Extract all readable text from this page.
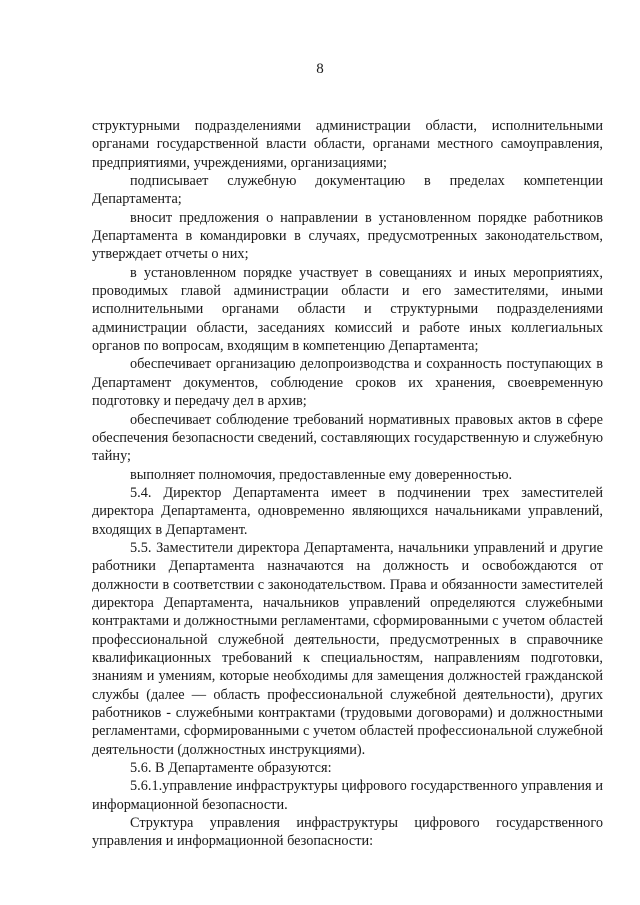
8

структурными подразделениями администрации области, исполнительными органами государственной власти области, органами местного самоуправления, предприятиями, учреждениями, организациями;

подписывает служебную документацию в пределах компетенции Департамента;

вносит предложения о направлении в установленном порядке работников Департамента в командировки в случаях, предусмотренных законодательством, утверждает отчеты о них;

в установленном порядке участвует в совещаниях и иных мероприятиях, проводимых главой администрации области и его заместителями, иными исполнительными органами области и структурными подразделениями администрации области, заседаниях комиссий и работе иных коллегиальных органов по вопросам, входящим в компетенцию Департамента;

обеспечивает организацию делопроизводства и сохранность поступающих в Департамент документов, соблюдение сроков их хранения, своевременную подготовку и передачу дел в архив;

обеспечивает соблюдение требований нормативных правовых актов в сфере обеспечения безопасности сведений, составляющих государственную и служебную тайну;

выполняет полномочия, предоставленные ему доверенностью.

5.4. Директор Департамента имеет в подчинении трех заместителей директора Департамента, одновременно являющихся начальниками управлений, входящих в Департамент.

5.5. Заместители директора Департамента, начальники управлений и другие работники Департамента назначаются на должность и освобождаются от должности в соответствии с законодательством. Права и обязанности заместителей директора Департамента, начальников управлений определяются служебными контрактами и должностными регламентами, сформированными с учетом областей профессиональной служебной деятельности, предусмотренных в справочнике квалификационных требований к специальностям, направлениям подготовки, знаниям и умениям, которые необходимы для замещения должностей гражданской службы (далее — область профессиональной служебной деятельности), других работников - служебными контрактами (трудовыми договорами) и должностными регламентами, сформированными с учетом областей профессиональной служебной деятельности (должностных инструкциями).

5.6. В Департаменте образуются:

5.6.1.управление инфраструктуры цифрового государственного управления и информационной безопасности.

Структура управления инфраструктуры цифрового государственного управления и информационной безопасности:
